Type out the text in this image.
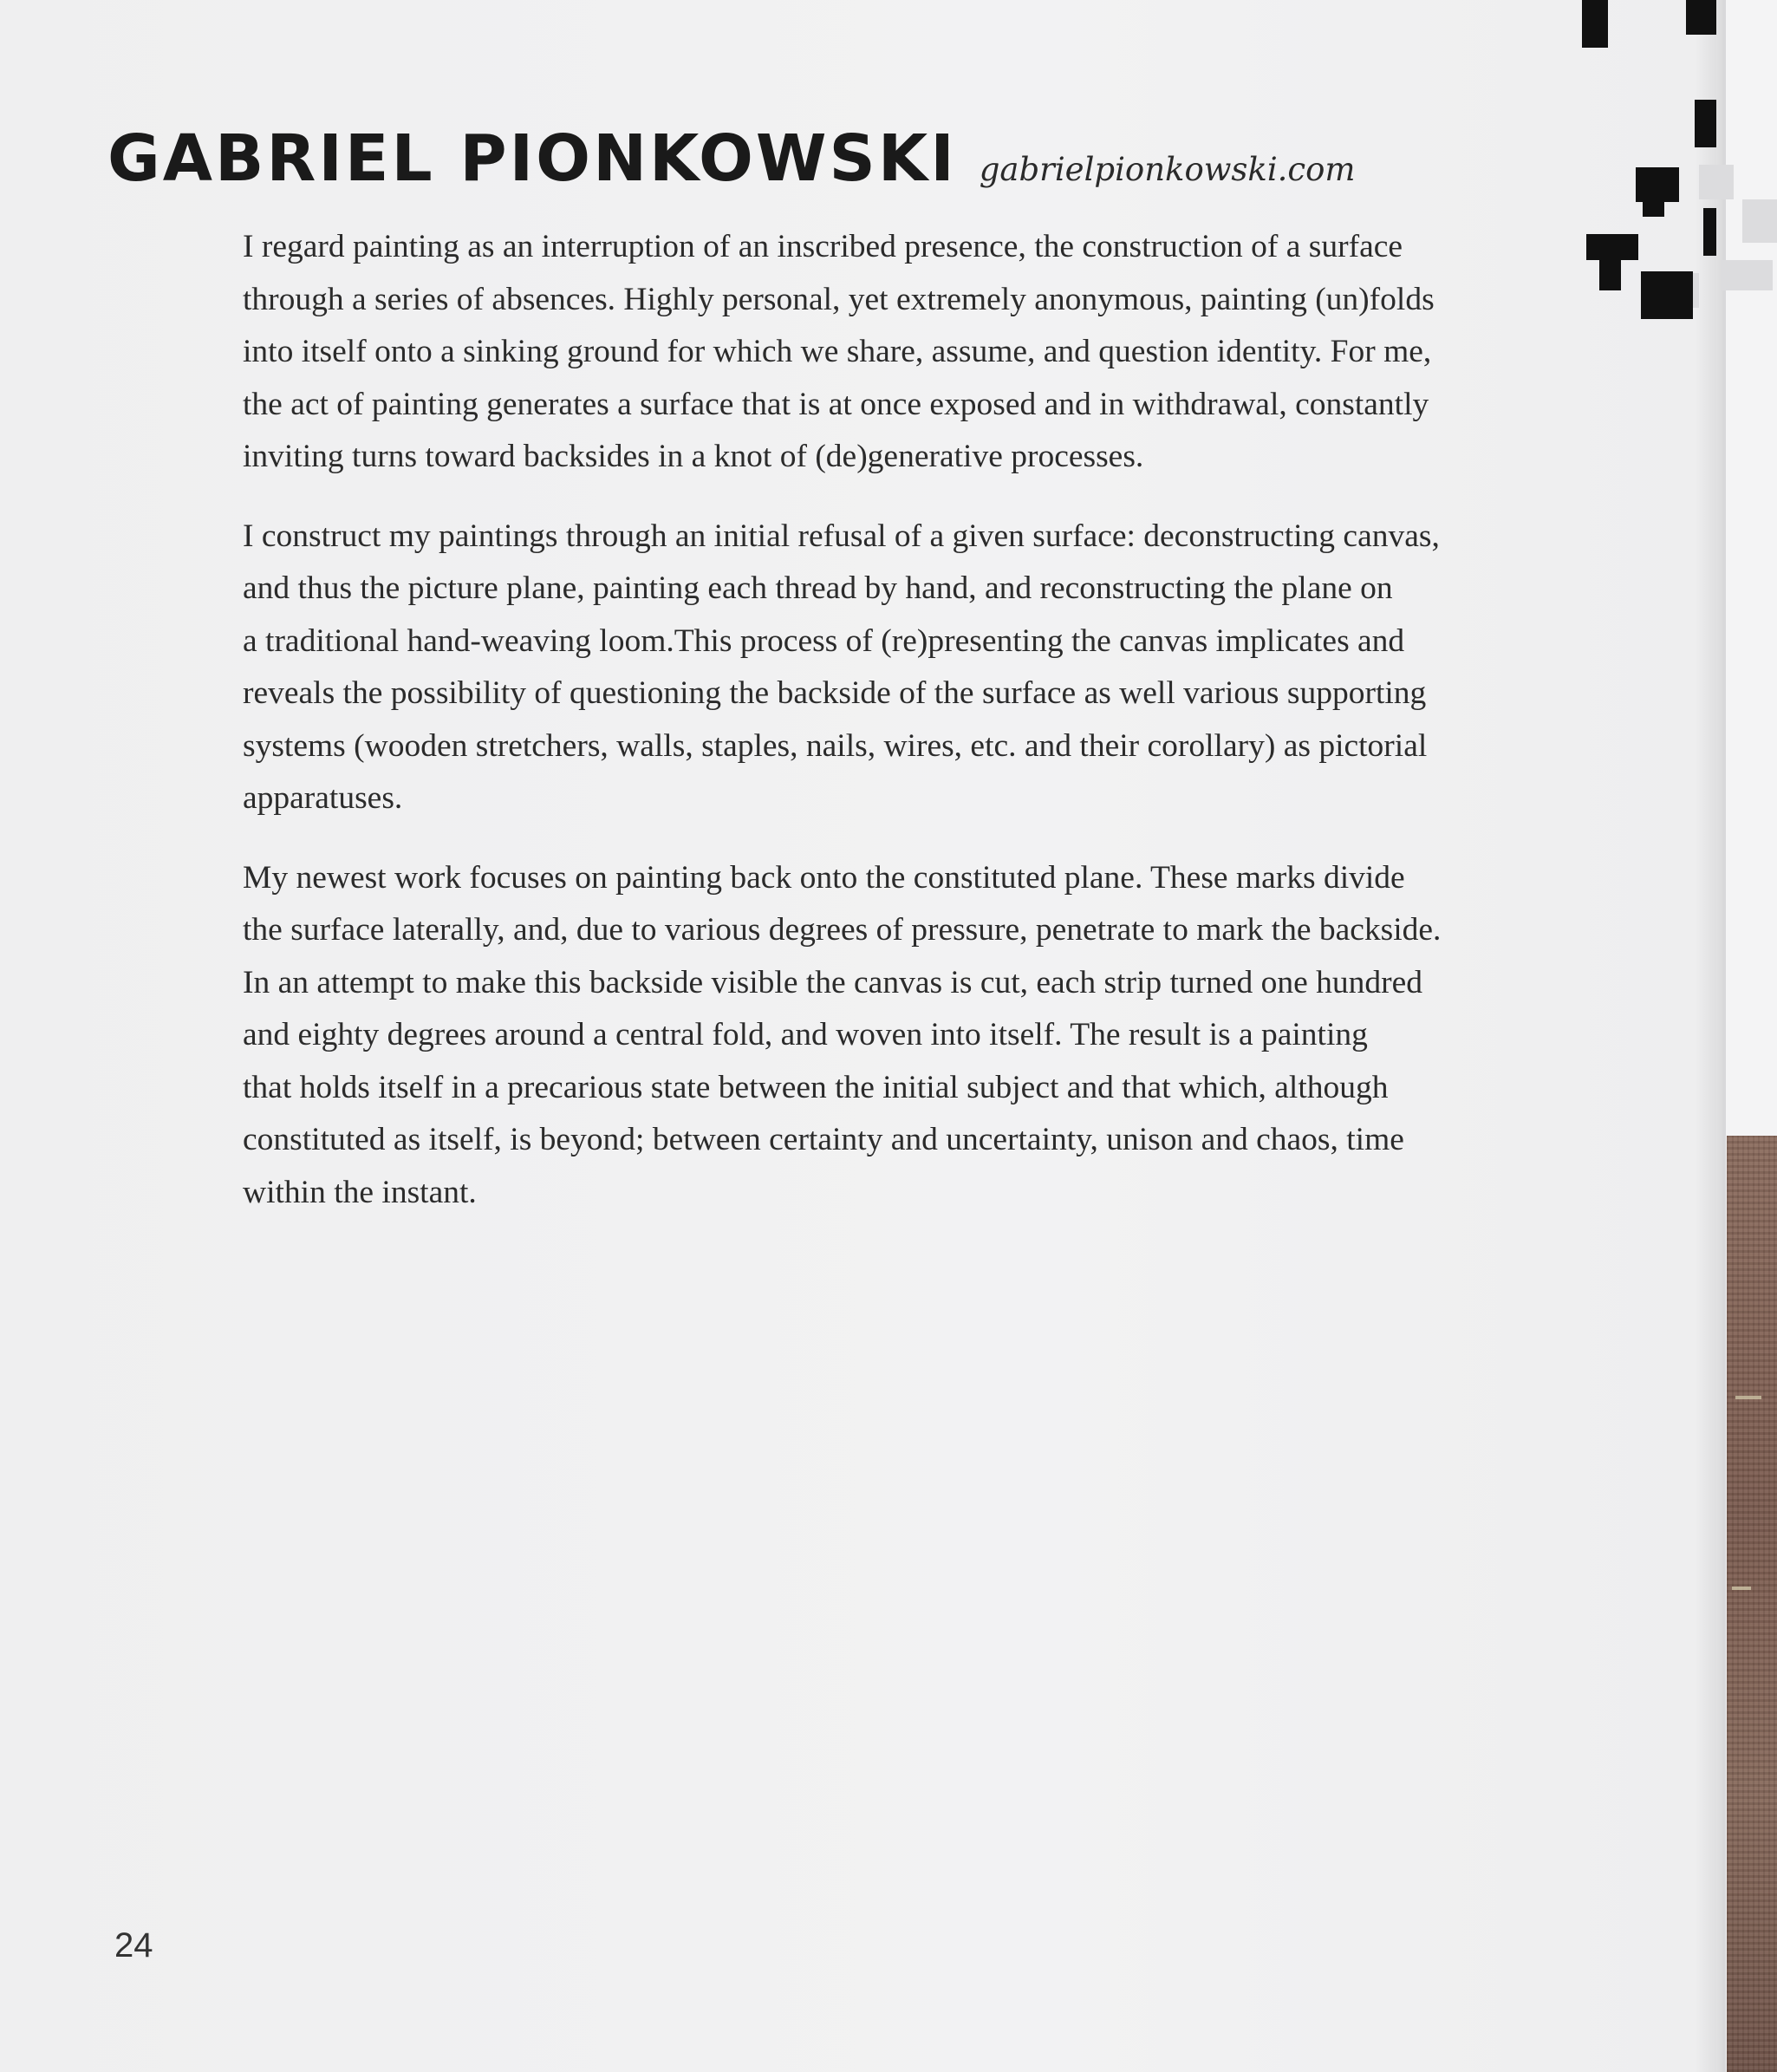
GABRIEL PIONKOWSKI gabrielpionkowski.com

I regard painting as an interruption of an inscribed presence, the construction of a surface
through a series of absences. Highly personal, yet extremely anonymous, painting (un)folds
into itself onto a sinking ground for which we share, assume, and question identity. For me,
the act of painting generates a surface that is at once exposed and in withdrawal, constantly
inviting turns toward backsides in a knot of (de)generative processes.

I construct my paintings through an initial refusal of a given surface: deconstructing canvas,
and thus the picture plane, painting each thread by hand, and reconstructing the plane on
a traditional hand-weaving loom.This process of (re)presenting the canvas implicates and
reveals the possibility of questioning the backside of the surface as well various supporting
systems (wooden stretchers, walls, staples, nails, wires, etc. and their corollary) as pictorial
apparatuses.

My newest work focuses on painting back onto the constituted plane. These marks divide
the surface laterally, and, due to various degrees of pressure, penetrate to mark the backside.
In an attempt to make this backside visible the canvas is cut, each strip turned one hundred
and eighty degrees around a central fold, and woven into itself. The result is a painting
that holds itself in a precarious state between the initial subject and that which, although
constituted as itself, is beyond; between certainty and uncertainty, unison and chaos, time
within the instant.

24
